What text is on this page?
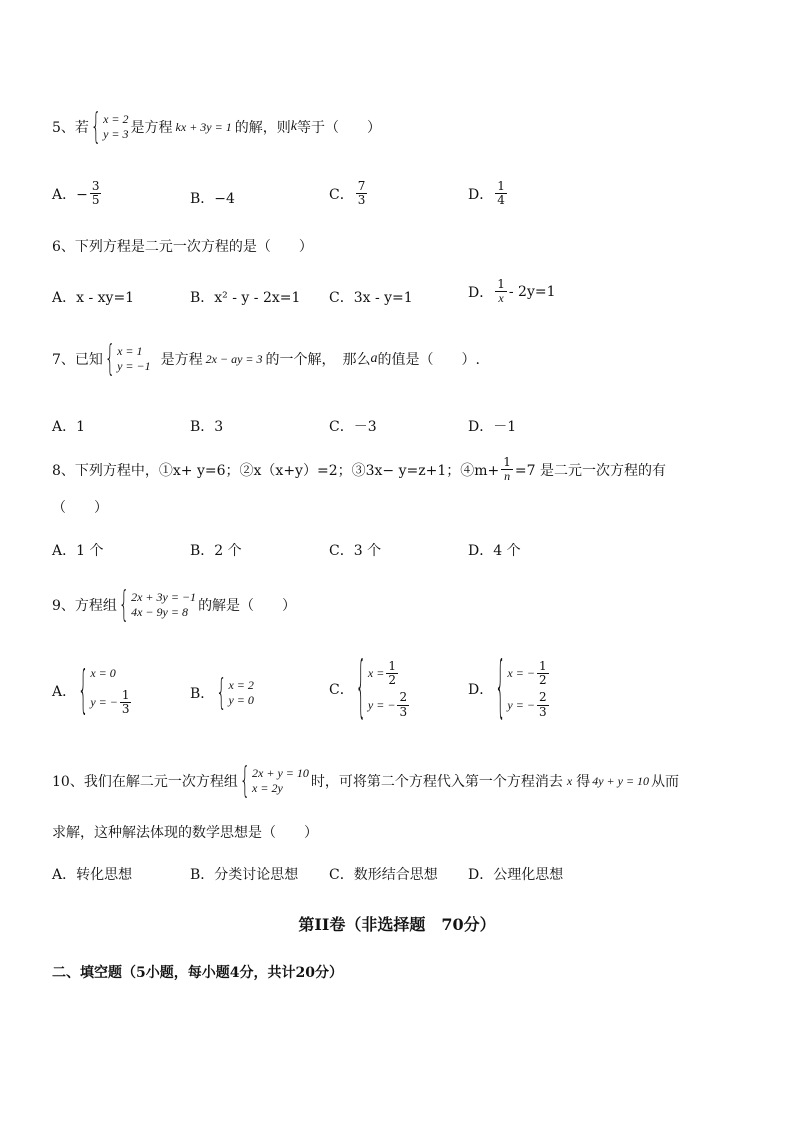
5、若 { x = 2
y = 3 是方程 kx + 3y = 1 的解，则 k 等于（　　）
A．− $\frac{3}{5}$	B．−4	C． $\frac{7}{3}$	D． $\frac{1}{4}$
6、下列方程是二元一次方程的是（　　）
A．x - xy=1	B．x² - y - 2x=1 C．3x - y=1	D． $\frac{1}{x} - 2y=1$
7、已知 { x = 1
y = −1 是方程 2x − ay = 3 的一个解，　那么 a 的值是（　　）.
A．1	B．3	C．－3	D．－1
8、下列方程中，①x+ y=6；②x（x+y）=2；③3x− y=z+1；④m+ $\frac{1}{n} =7$ 是二元一次方程的有
（　　）
A．1 个	B．2 个	C．3 个	D．4 个
9、方程组 { 2x + 3y = −1
4x − 9y = 8 的解是（　　）
A． { x = 0
y = − $\frac{1}{3}$	B． { x = 2
y = 0
C． { $x = \frac{1}{2}$
y = − $\frac{2}{3}$
D． { x = − $\frac{1}{2}$
y = − $\frac{2}{3}$
10、我们在解二元一次方程组 { 2x + y = 10
x = 2y	时，可将第二个方程代入第一个方程消去 x 得 4y + y = 10 从而
求解，这种解法体现的数学思想是（　　）
A．转化思想	B．分类讨论思想 C．数形结合思想 D．公理化思想
第II卷（非选择题　70分）
二、填空题（5小题，每小题4分，共计20分）
